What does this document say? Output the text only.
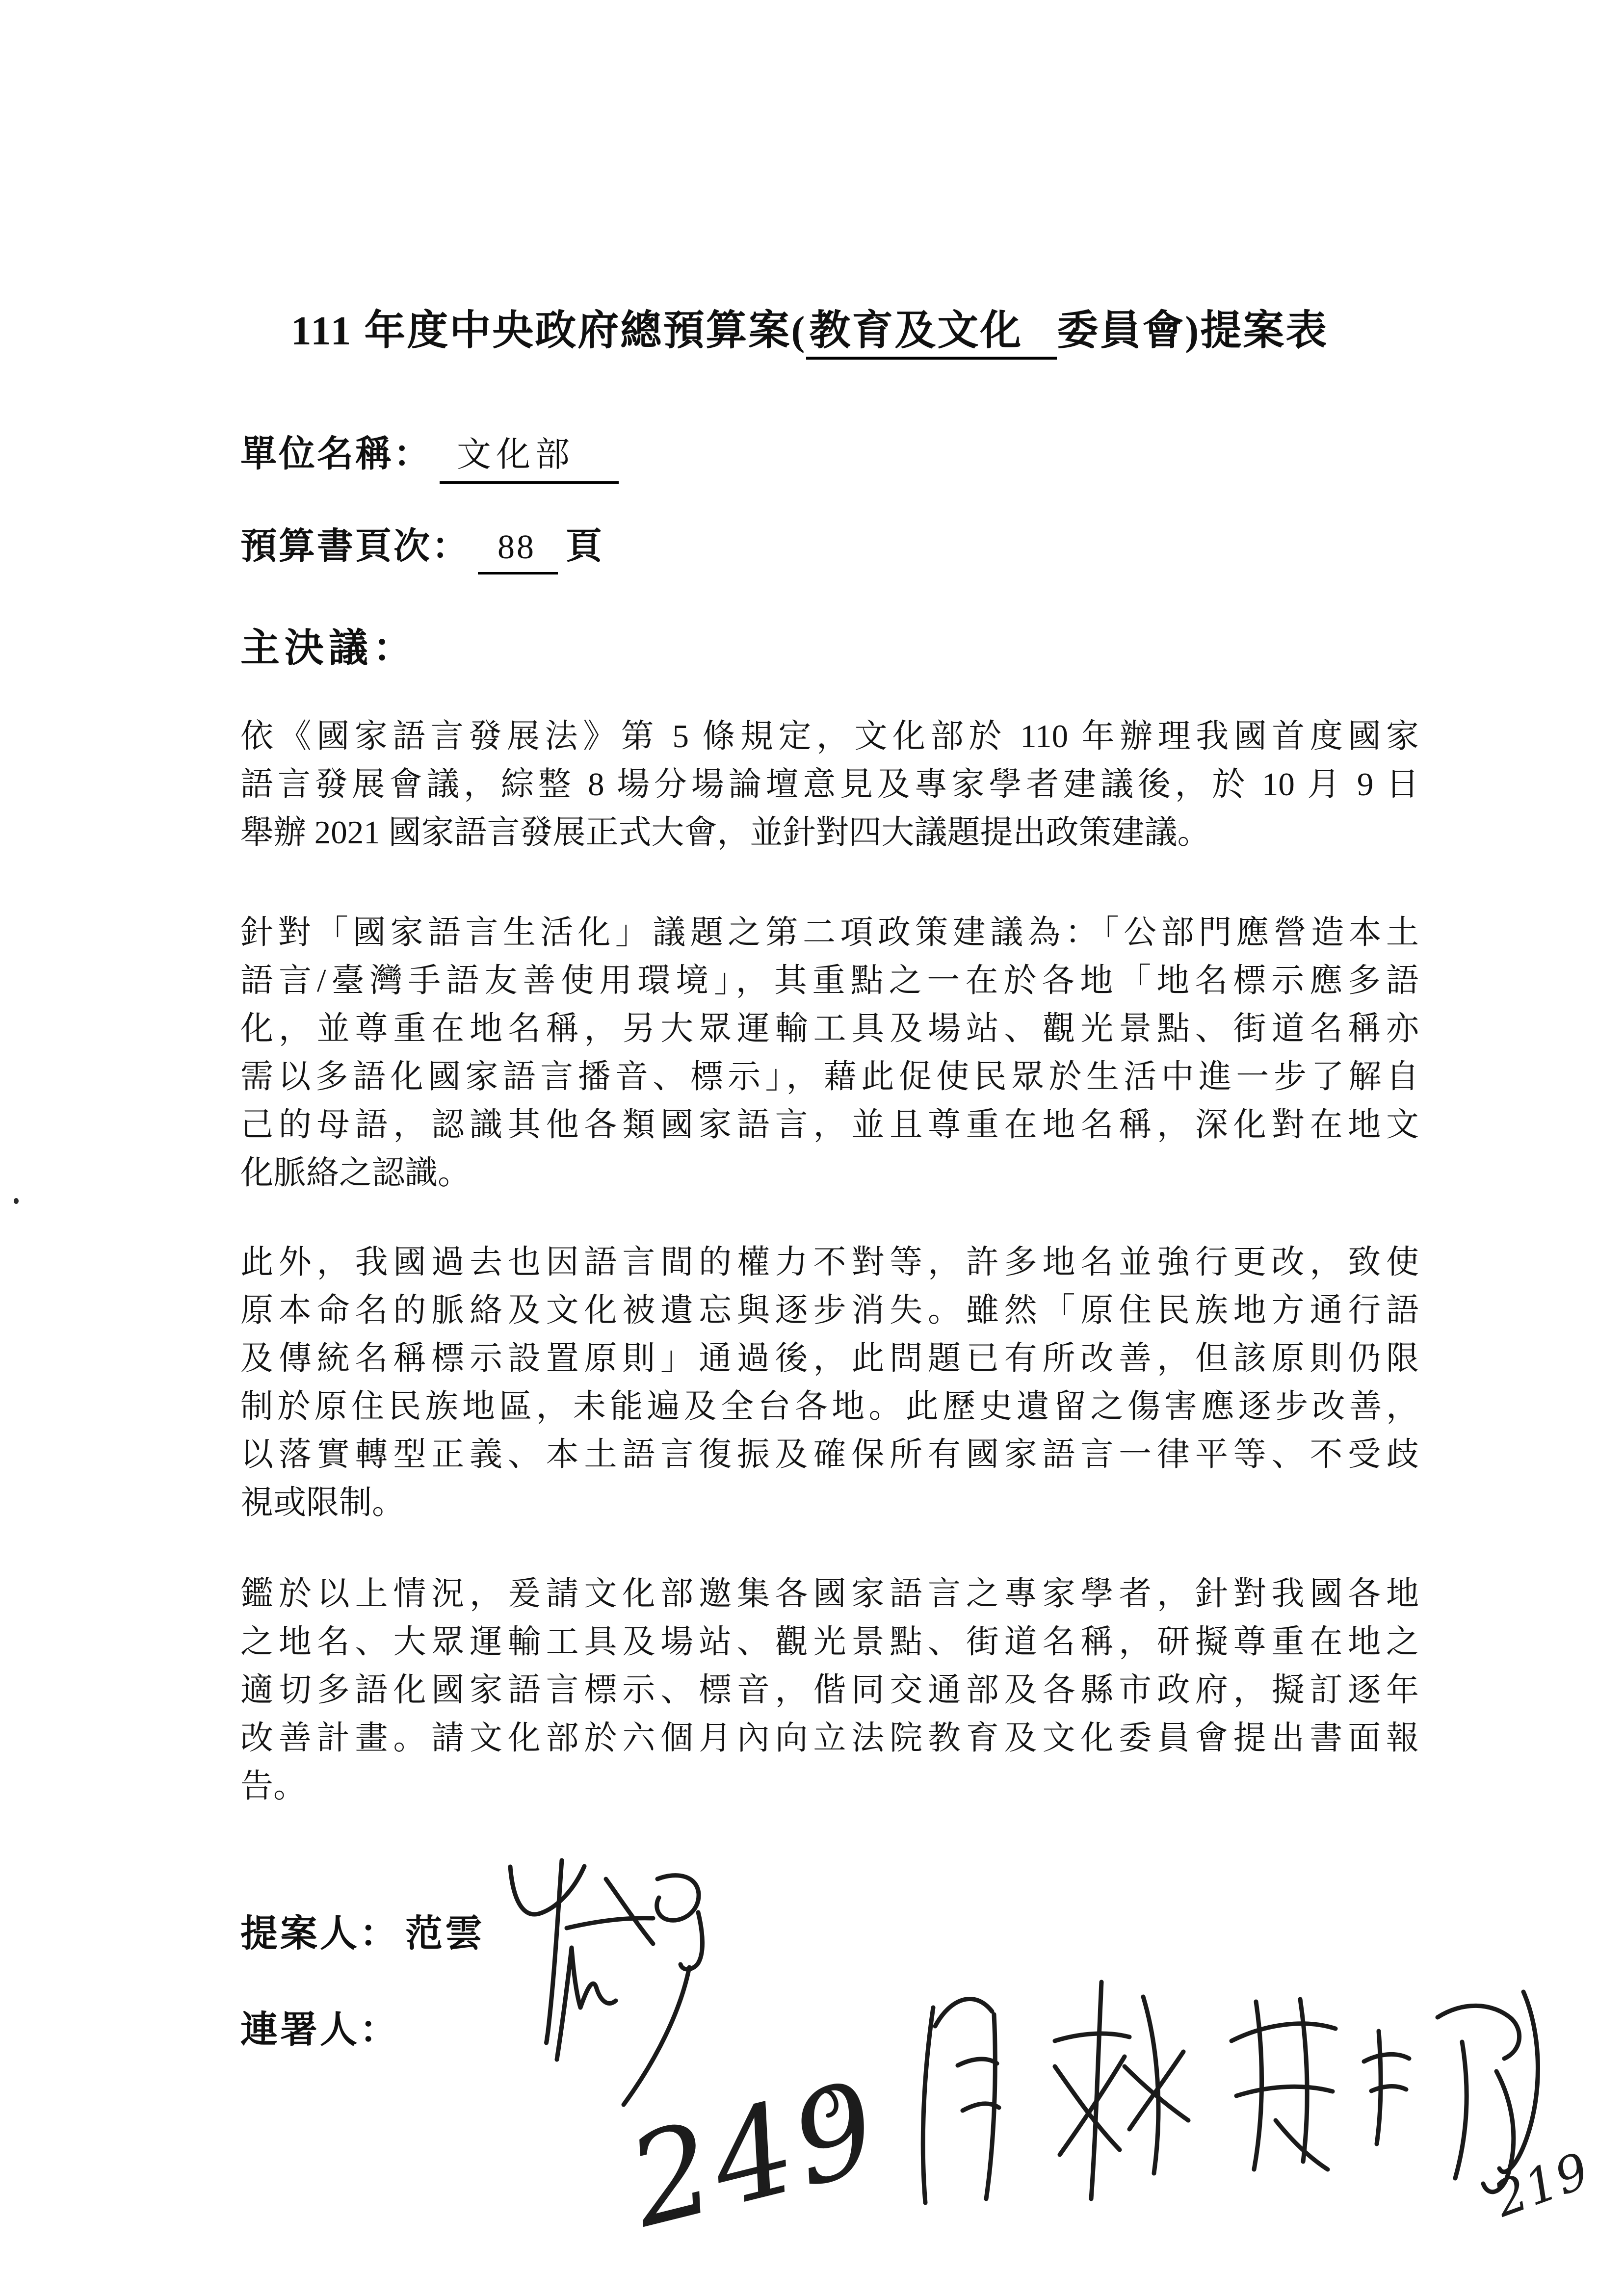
111 年度中央政府總預算案(教育及文化 委員會)提案表
單位名稱： 文化部
預算書頁次： 88 頁
主決議：
依《國家語言發展法》第 5 條規定，文化部於 110 年辦理我國首度國家
語言發展會議，綜整 8 場分場論壇意見及專家學者建議後，於 10 月 9 日
舉辦 2021 國家語言發展正式大會，並針對四大議題提出政策建議。
針對「國家語言生活化」議題之第二項政策建議為：「公部門應營造本土
語言/臺灣手語友善使用環境」，其重點之一在於各地「地名標示應多語
化，並尊重在地名稱，另大眾運輸工具及場站、觀光景點、街道名稱亦
需以多語化國家語言播音、標示」，藉此促使民眾於生活中進一步了解自
己的母語，認識其他各類國家語言，並且尊重在地名稱，深化對在地文
化脈絡之認識。
此外，我國過去也因語言間的權力不對等，許多地名並強行更改，致使
原本命名的脈絡及文化被遺忘與逐步消失。雖然「原住民族地方通行語
及傳統名稱標示設置原則」通過後，此問題已有所改善，但該原則仍限
制於原住民族地區，未能遍及全台各地。此歷史遺留之傷害應逐步改善，
以落實轉型正義、本土語言復振及確保所有國家語言一律平等、不受歧
視或限制。
鑑於以上情況，爰請文化部邀集各國家語言之專家學者，針對我國各地
之地名、大眾運輸工具及場站、觀光景點、街道名稱，研擬尊重在地之
適切多語化國家語言標示、標音，偕同交通部及各縣市政府，擬訂逐年
改善計畫。請文化部於六個月內向立法院教育及文化委員會提出書面報
告。
提案人： 范雲
連署人：
249	219
